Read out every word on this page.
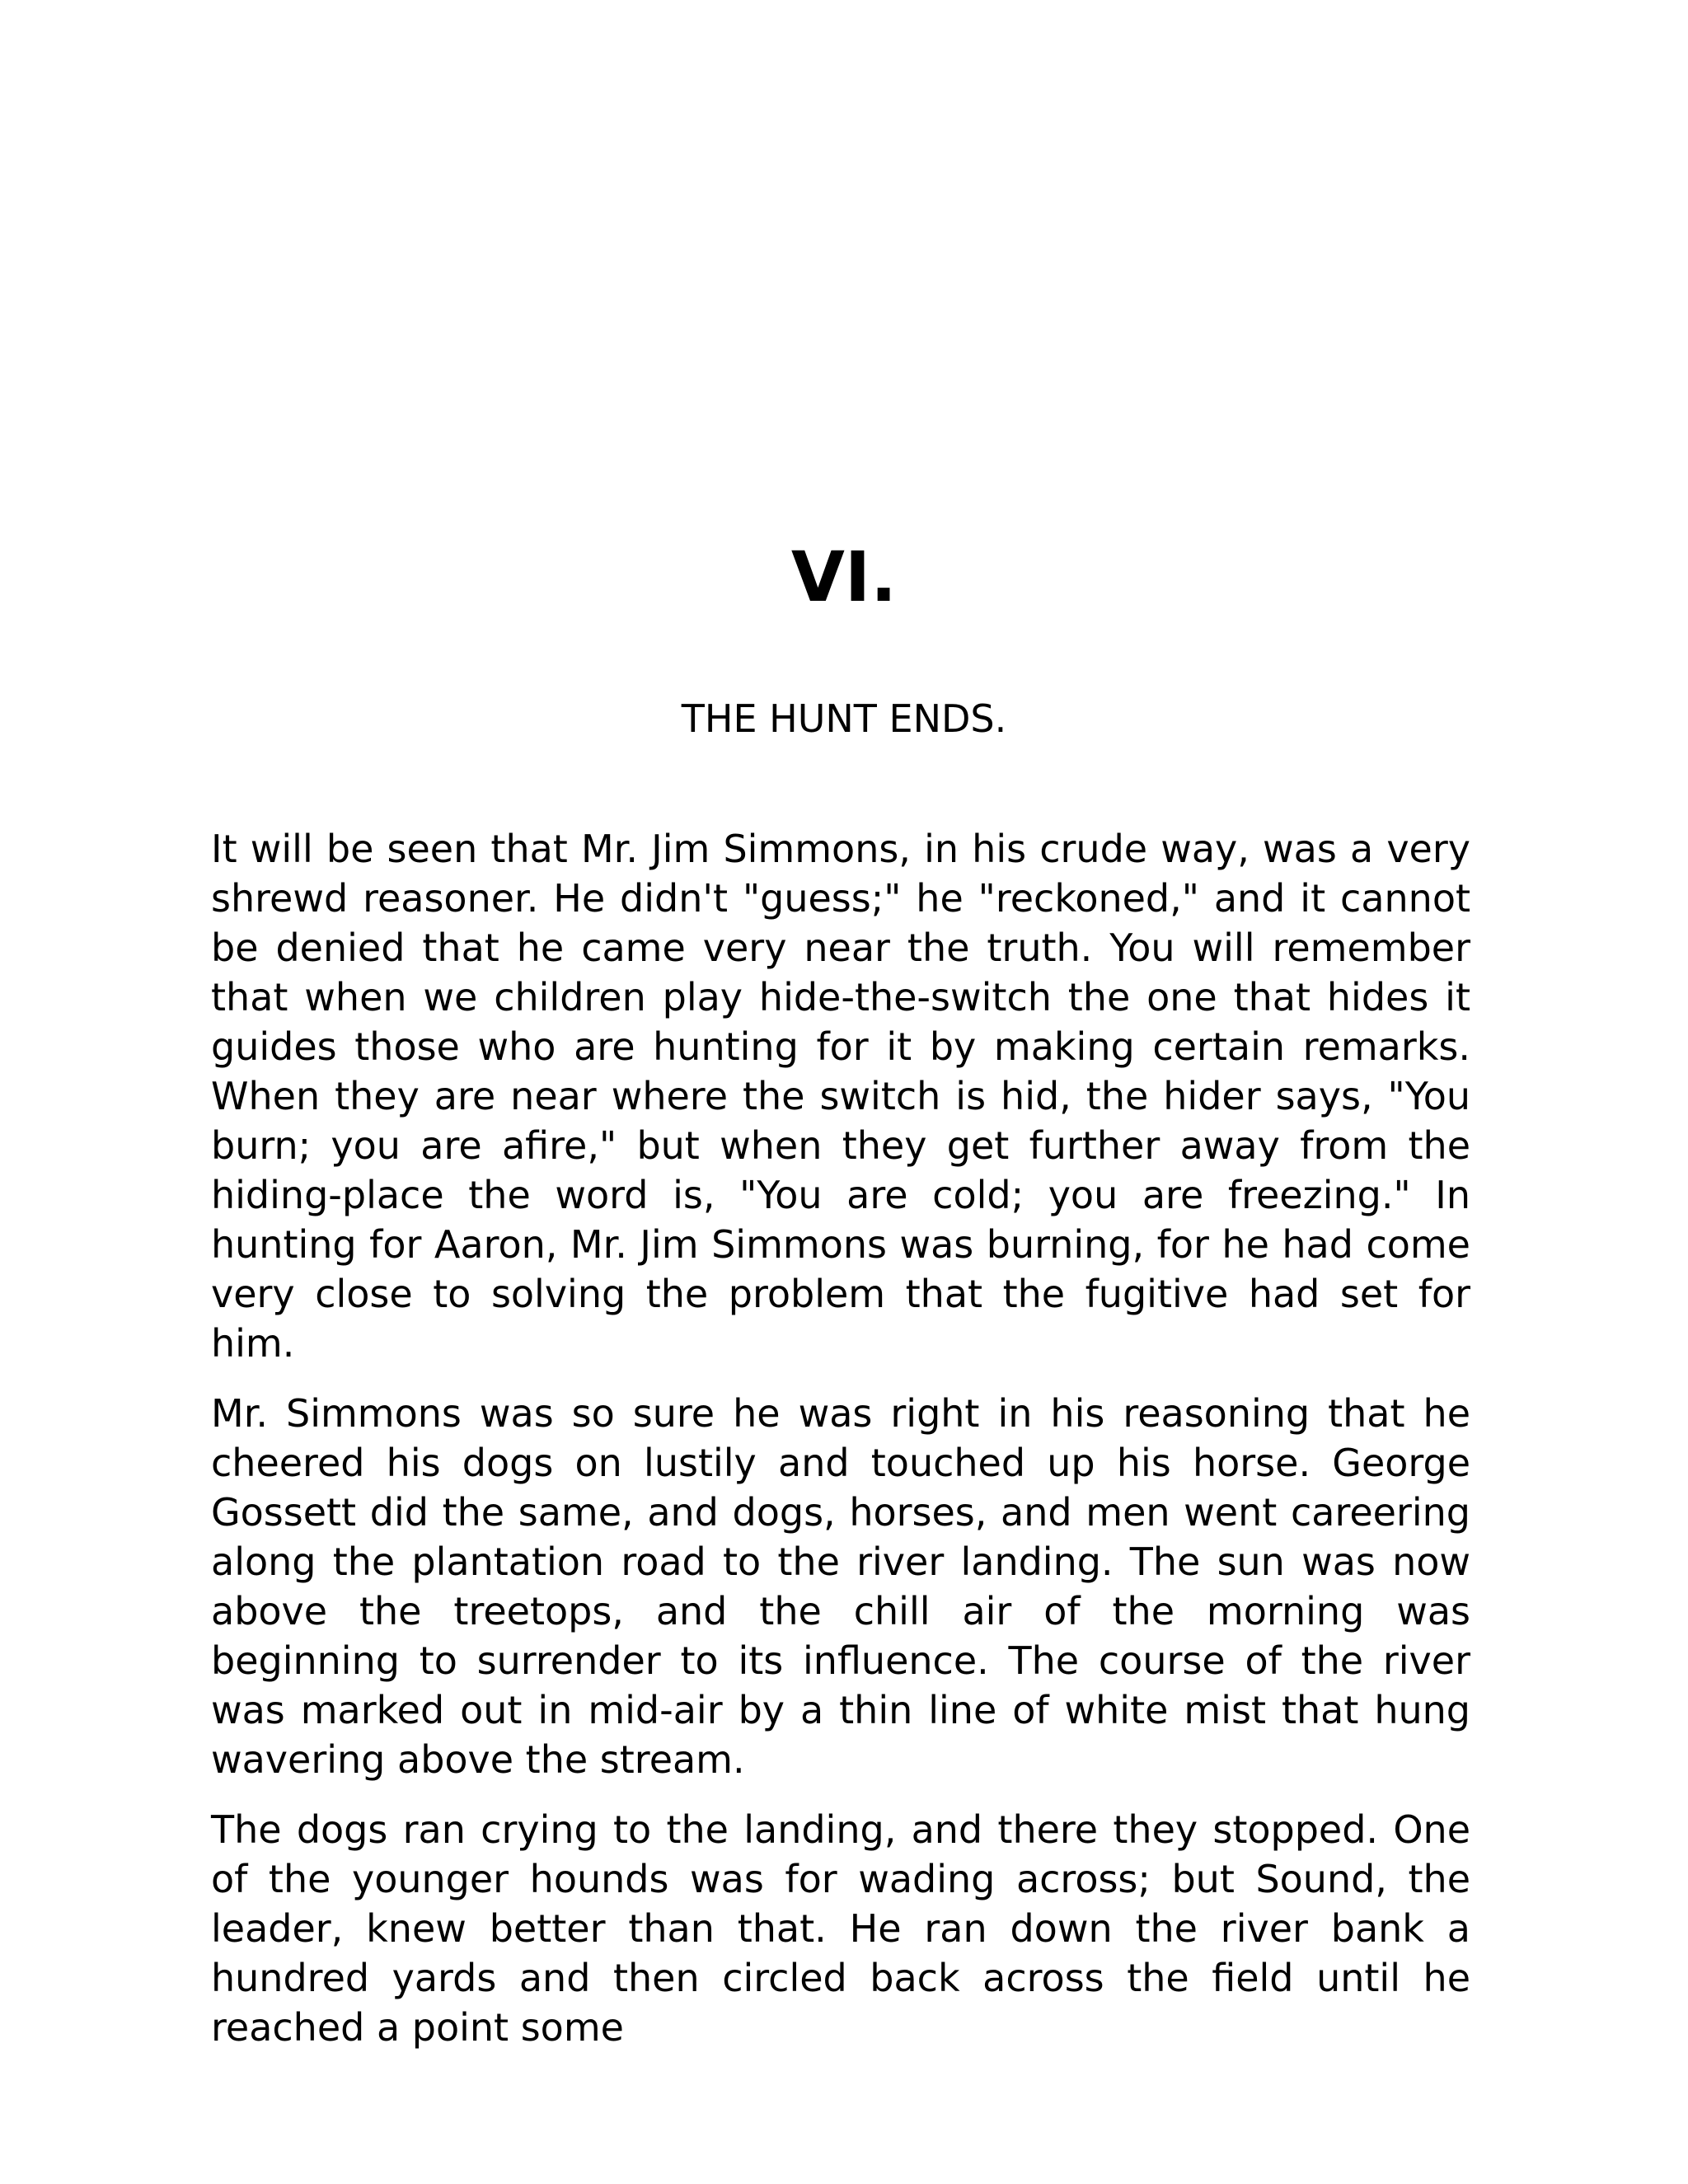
VI.
THE HUNT ENDS.

It will be seen that Mr. Jim Simmons, in his crude way, was a very shrewd reasoner. He didn't "guess;" he "reckoned," and it cannot be denied that he came very near the truth. You will remember that when we children play hide-the-switch the one that hides it guides those who are hunting for it by making certain remarks. When they are near where the switch is hid, the hider says, "You burn; you are afire," but when they get further away from the hiding-place the word is, "You are cold; you are freezing." In hunting for Aaron, Mr. Jim Simmons was burning, for he had come very close to solving the problem that the fugitive had set for him.

Mr. Simmons was so sure he was right in his reasoning that he cheered his dogs on lustily and touched up his horse. George Gossett did the same, and dogs, horses, and men went careering along the plantation road to the river landing. The sun was now above the treetops, and the chill air of the morning was beginning to surrender to its influence. The course of the river was marked out in mid-air by a thin line of white mist that hung wavering above the stream.

The dogs ran crying to the landing, and there they stopped. One of the younger hounds was for wading across; but Sound, the leader, knew better than that. He ran down the river bank a hundred yards and then circled back across the field until he reached a point some
